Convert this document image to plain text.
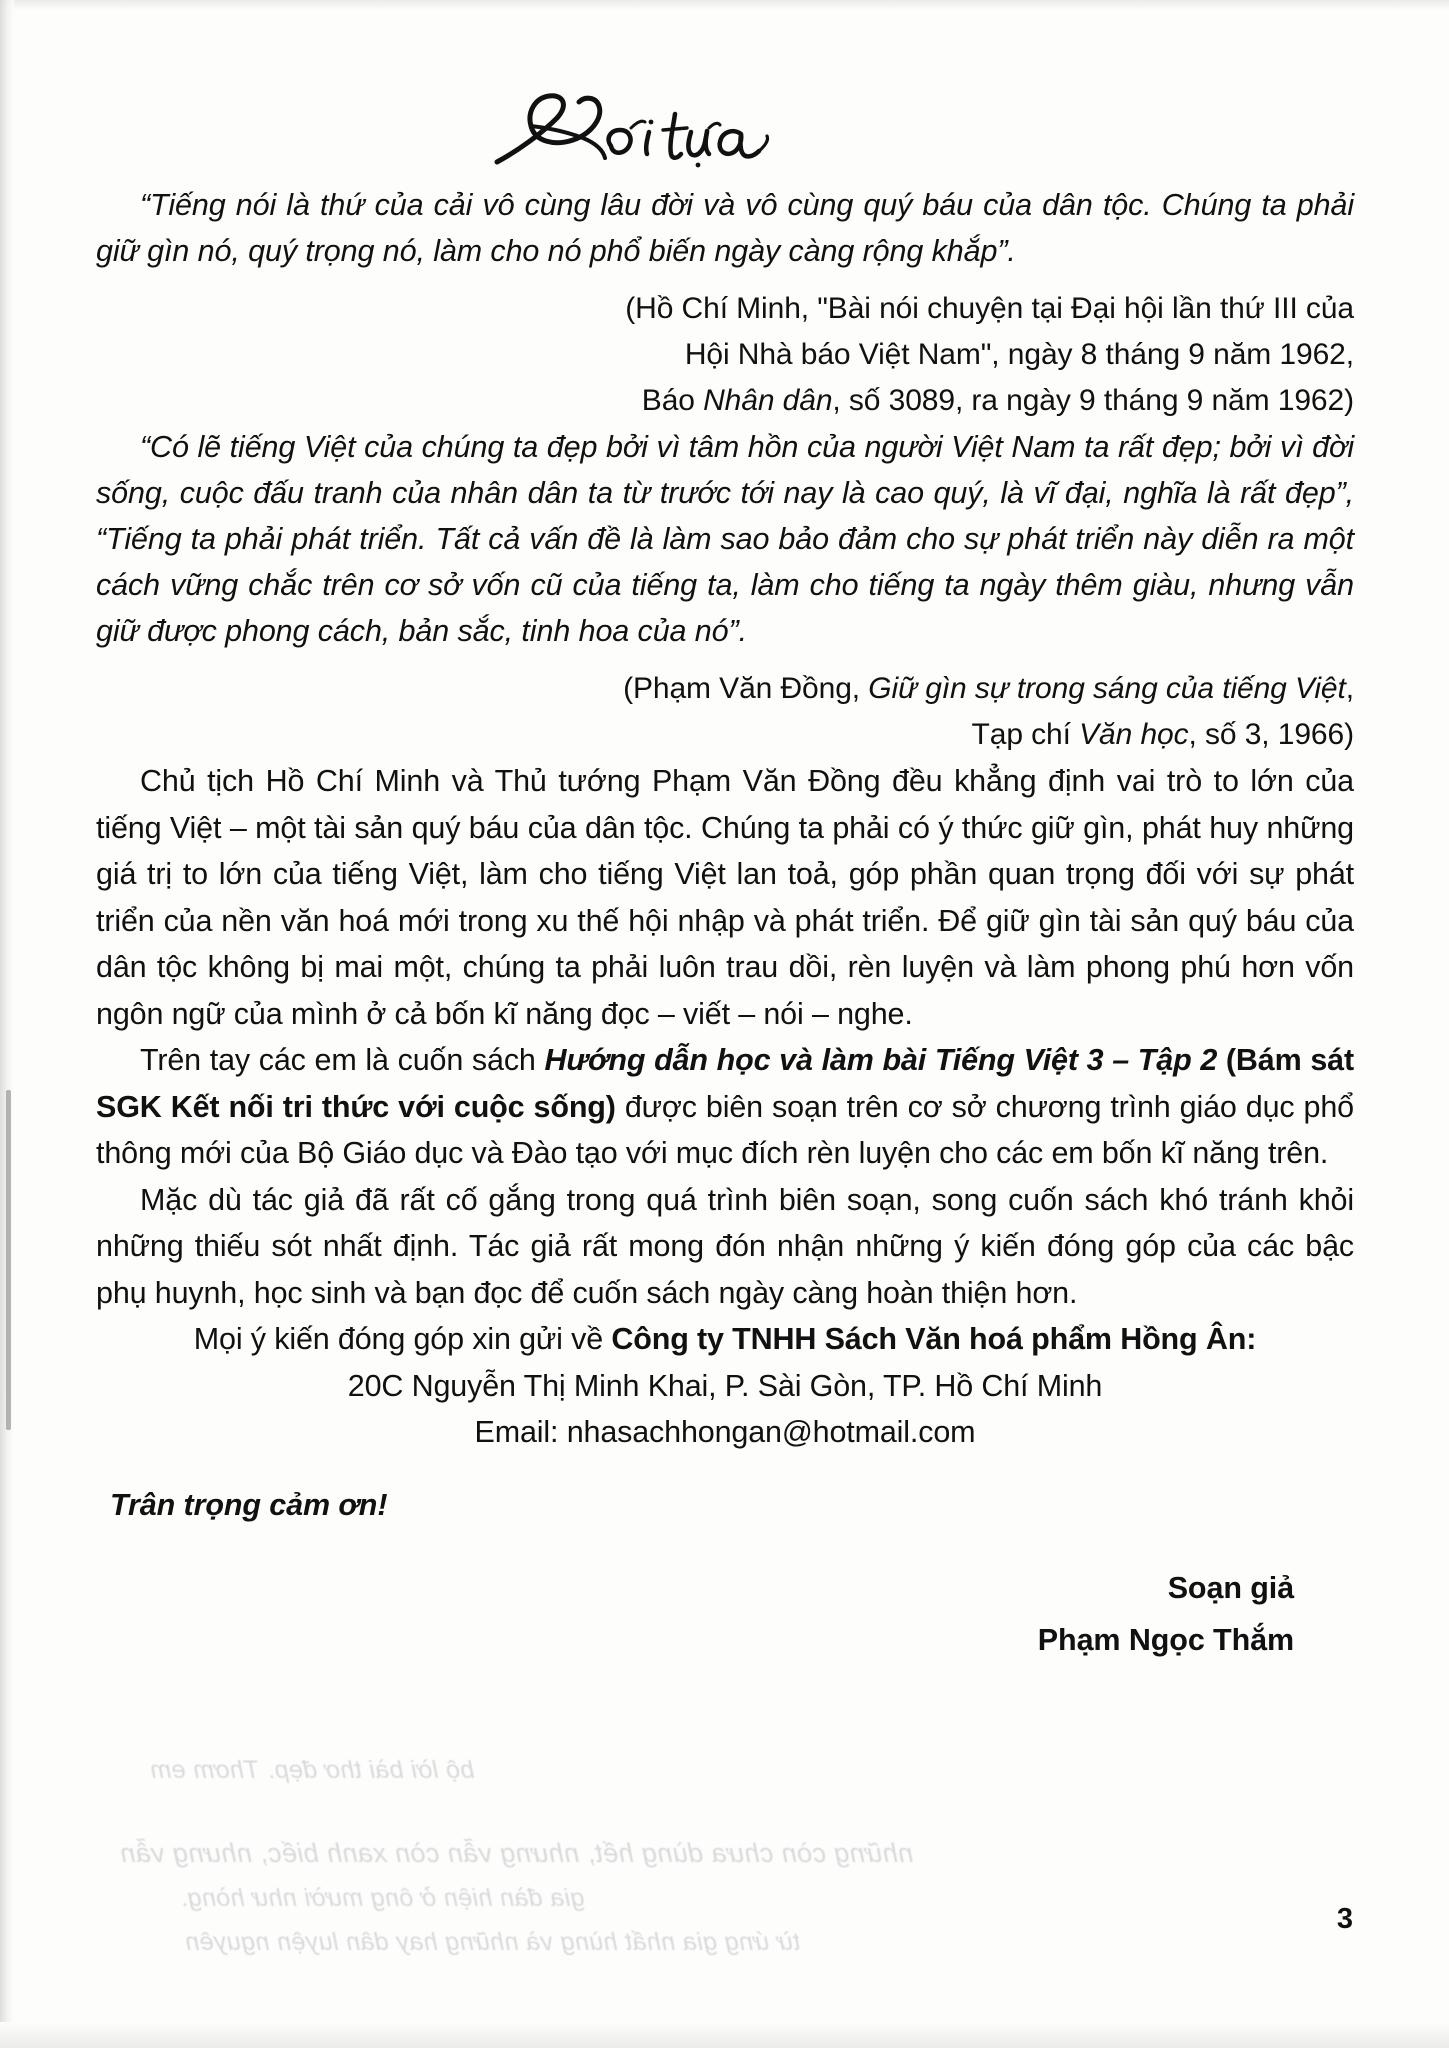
bộ lời bài thơ đẹp. Thơm em
những còn chưa dùng hết, nhưng vẫn còn xanh biếc, nhưng vẫn
gia đàn hiện ở ông mười như hòng.
từ ứng gia nhất hùng và những hay dân luyện nguyên
“Tiếng nói là thứ của cải vô cùng lâu đời và vô cùng quý báu của dân tộc. Chúng ta phải giữ gìn nó, quý trọng nó, làm cho nó phổ biến ngày càng rộng khắp”.
(Hồ Chí Minh, "Bài nói chuyện tại Đại hội lần thứ III của
Hội Nhà báo Việt Nam", ngày 8 tháng 9 năm 1962,
Báo Nhân dân, số 3089, ra ngày 9 tháng 9 năm 1962)
“Có lẽ tiếng Việt của chúng ta đẹp bởi vì tâm hồn của người Việt Nam ta rất đẹp; bởi vì đời sống, cuộc đấu tranh của nhân dân ta từ trước tới nay là cao quý, là vĩ đại, nghĩa là rất đẹp”, “Tiếng ta phải phát triển. Tất cả vấn đề là làm sao bảo đảm cho sự phát triển này diễn ra một cách vững chắc trên cơ sở vốn cũ của tiếng ta, làm cho tiếng ta ngày thêm giàu, nhưng vẫn giữ được phong cách, bản sắc, tinh hoa của nó”.
(Phạm Văn Đồng, Giữ gìn sự trong sáng của tiếng Việt,
Tạp chí Văn học, số 3, 1966)
Chủ tịch Hồ Chí Minh và Thủ tướng Phạm Văn Đồng đều khẳng định vai trò to lớn của tiếng Việt – một tài sản quý báu của dân tộc. Chúng ta phải có ý thức giữ gìn, phát huy những giá trị to lớn của tiếng Việt, làm cho tiếng Việt lan toả, góp phần quan trọng đối với sự phát triển của nền văn hoá mới trong xu thế hội nhập và phát triển. Để giữ gìn tài sản quý báu của dân tộc không bị mai một, chúng ta phải luôn trau dồi, rèn luyện và làm phong phú hơn vốn ngôn ngữ của mình ở cả bốn kĩ năng đọc – viết – nói – nghe.
Trên tay các em là cuốn sách Hướng dẫn học và làm bài Tiếng Việt 3 – Tập 2 (Bám sát SGK Kết nối tri thức với cuộc sống) được biên soạn trên cơ sở chương trình giáo dục phổ thông mới của Bộ Giáo dục và Đào tạo với mục đích rèn luyện cho các em bốn kĩ năng trên.
Mặc dù tác giả đã rất cố gắng trong quá trình biên soạn, song cuốn sách khó tránh khỏi những thiếu sót nhất định. Tác giả rất mong đón nhận những ý kiến đóng góp của các bậc phụ huynh, học sinh và bạn đọc để cuốn sách ngày càng hoàn thiện hơn.
Mọi ý kiến đóng góp xin gửi về Công ty TNHH Sách Văn hoá phẩm Hồng Ân:
20C Nguyễn Thị Minh Khai, P. Sài Gòn, TP. Hồ Chí Minh
Email: nhasachhongan@hotmail.com
Trân trọng cảm ơn!
Soạn giả
Phạm Ngọc Thắm
3
